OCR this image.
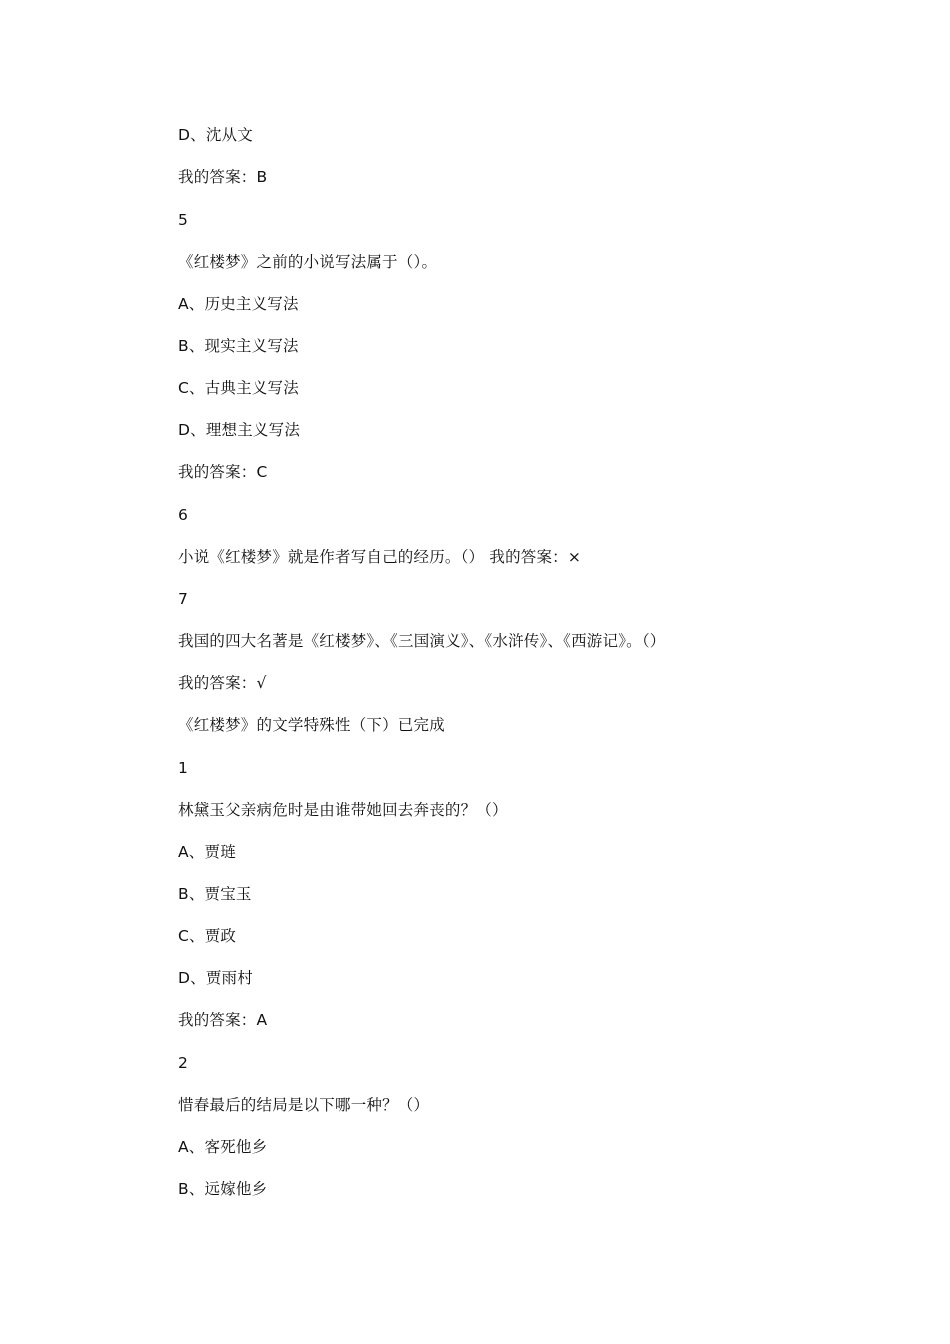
D、沈从文
我的答案：B
5
《红楼梦》之前的小说写法属于（）。
A、历史主义写法
B、现实主义写法
C、古典主义写法
D、理想主义写法
我的答案：C
6
小说《红楼梦》就是作者写自己的经历。（） 我的答案：×
7
我国的四大名著是《红楼梦》、《三国演义》、《水浒传》、《西游记》。（）
我的答案：√
《红楼梦》的文学特殊性（下）已完成
1
林黛玉父亲病危时是由谁带她回去奔丧的？（）
A、贾琏
B、贾宝玉
C、贾政
D、贾雨村
我的答案：A
2
惜春最后的结局是以下哪一种？（）
A、客死他乡
B、远嫁他乡
